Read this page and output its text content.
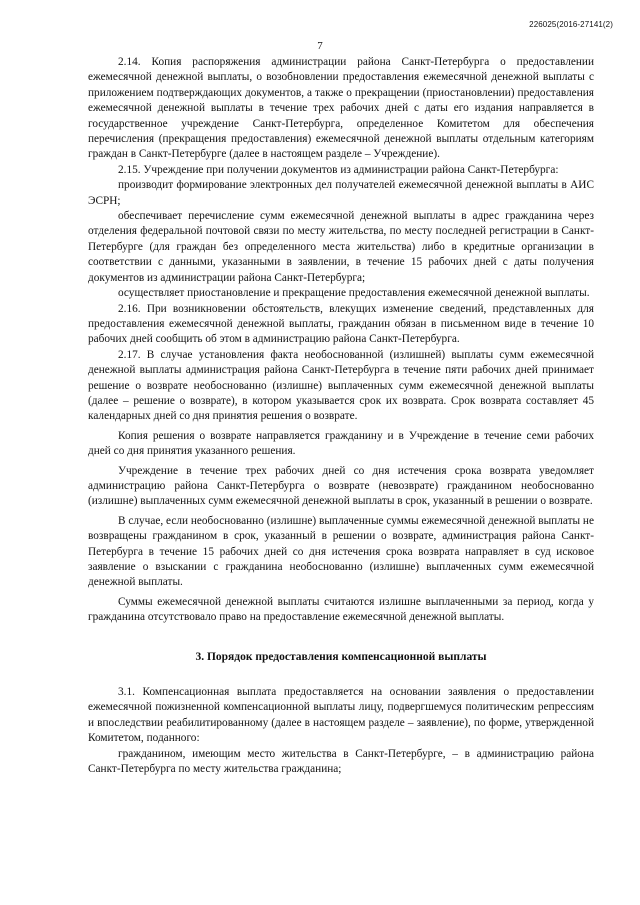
226025(2016-27141(2)
7

2.14. Копия распоряжения администрации района Санкт-Петербурга о предоставлении ежемесячной денежной выплаты, о возобновлении предоставления ежемесячной денежной выплаты с приложением подтверждающих документов, а также о прекращении (приостановлении) предоставления ежемесячной денежной выплаты в течение трех рабочих дней с даты его издания направляется в государственное учреждение Санкт-Петербурга, определенное Комитетом для обеспечения перечисления (прекращения предоставления) ежемесячной денежной выплаты отдельным категориям граждан в Санкт-Петербурге (далее в настоящем разделе – Учреждение).

2.15. Учреждение при получении документов из администрации района Санкт-Петербурга:

производит формирование электронных дел получателей ежемесячной денежной выплаты в АИС ЭСРН;

обеспечивает перечисление сумм ежемесячной денежной выплаты в адрес гражданина через отделения федеральной почтовой связи по месту жительства, по месту последней регистрации в Санкт-Петербурге (для граждан без определенного места жительства) либо в кредитные организации в соответствии с данными, указанными в заявлении, в течение 15 рабочих дней с даты получения документов из администрации района Санкт-Петербурга;

осуществляет приостановление и прекращение предоставления ежемесячной денежной выплаты.

2.16. При возникновении обстоятельств, влекущих изменение сведений, представленных для предоставления ежемесячной денежной выплаты, гражданин обязан в письменном виде в течение 10 рабочих дней сообщить об этом в администрацию района Санкт-Петербурга.

2.17. В случае установления факта необоснованной (излишней) выплаты сумм ежемесячной денежной выплаты администрация района Санкт-Петербурга в течение пяти рабочих дней принимает решение о возврате необоснованно (излишне) выплаченных сумм ежемесячной денежной выплаты (далее – решение о возврате), в котором указывается срок их возврата. Срок возврата составляет 45 календарных дней со дня принятия решения о возврате.

Копия решения о возврате направляется гражданину и в Учреждение в течение семи рабочих дней со дня принятия указанного решения.

Учреждение в течение трех рабочих дней со дня истечения срока возврата уведомляет администрацию района Санкт-Петербурга о возврате (невозврате) гражданином необоснованно (излишне) выплаченных сумм ежемесячной денежной выплаты в срок, указанный в решении о возврате.

В случае, если необоснованно (излишне) выплаченные суммы ежемесячной денежной выплаты не возвращены гражданином в срок, указанный в решении о возврате, администрация района Санкт-Петербурга в течение 15 рабочих дней со дня истечения срока возврата направляет в суд исковое заявление о взыскании с гражданина необоснованно (излишне) выплаченных сумм ежемесячной денежной выплаты.

Суммы ежемесячной денежной выплаты считаются излишне выплаченными за период, когда у гражданина отсутствовало право на предоставление ежемесячной денежной выплаты.

3. Порядок предоставления компенсационной выплаты

3.1. Компенсационная выплата предоставляется на основании заявления о предоставлении ежемесячной пожизненной компенсационной выплаты лицу, подвергшемуся политическим репрессиям и впоследствии реабилитированному (далее в настоящем разделе – заявление), по форме, утвержденной Комитетом, поданного:

гражданином, имеющим место жительства в Санкт-Петербурге, – в администрацию района Санкт-Петербурга по месту жительства гражданина;
